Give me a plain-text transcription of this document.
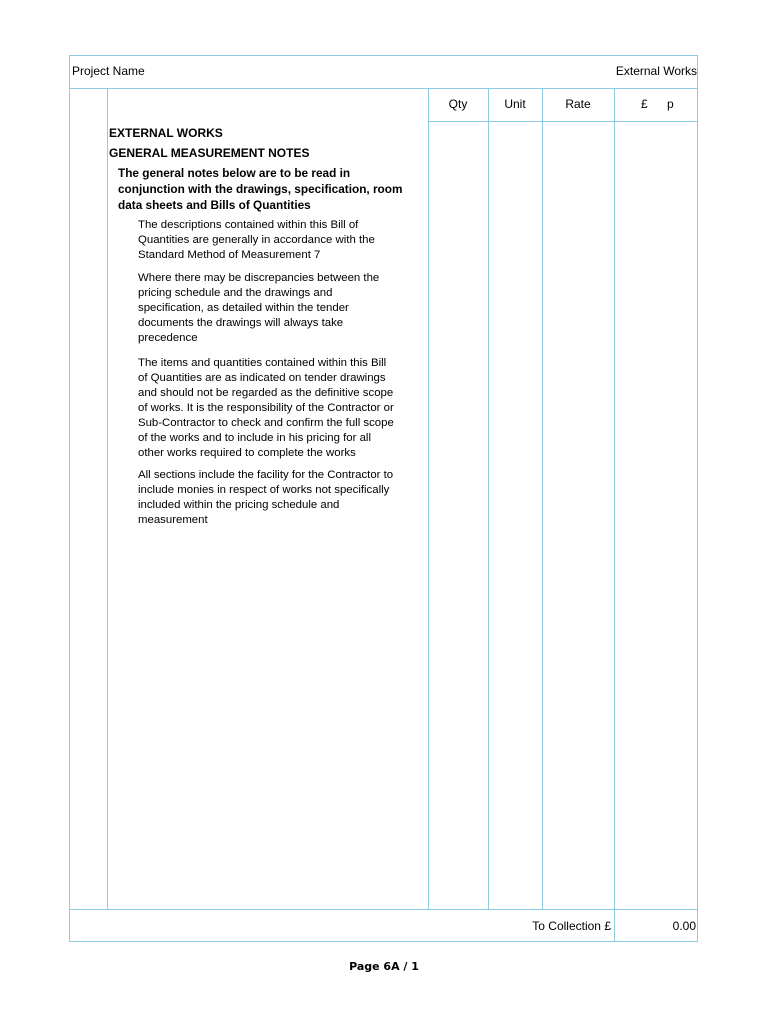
Project Name	External Works
Qty	Unit	Rate	£ p
EXTERNAL WORKS
GENERAL MEASUREMENT NOTES
The general notes below are to be read in
conjunction with the drawings, specification, room
data sheets and Bills of Quantities
The descriptions contained within this Bill of
Quantities are generally in accordance with the
Standard Method of Measurement 7
Where there may be discrepancies between the
pricing schedule and the drawings and
specification, as detailed within the tender
documents the drawings will always take
precedence
The items and quantities contained within this Bill
of Quantities are as indicated on tender drawings
and should not be regarded as the definitive scope
of works. It is the responsibility of the Contractor or
Sub-Contractor to check and confirm the full scope
of the works and to include in his pricing for all
other works required to complete the works
All sections include the facility for the Contractor to
include monies in respect of works not specifically
included within the pricing schedule and
measurement
To Collection £	0.00
Page 6A / 1
